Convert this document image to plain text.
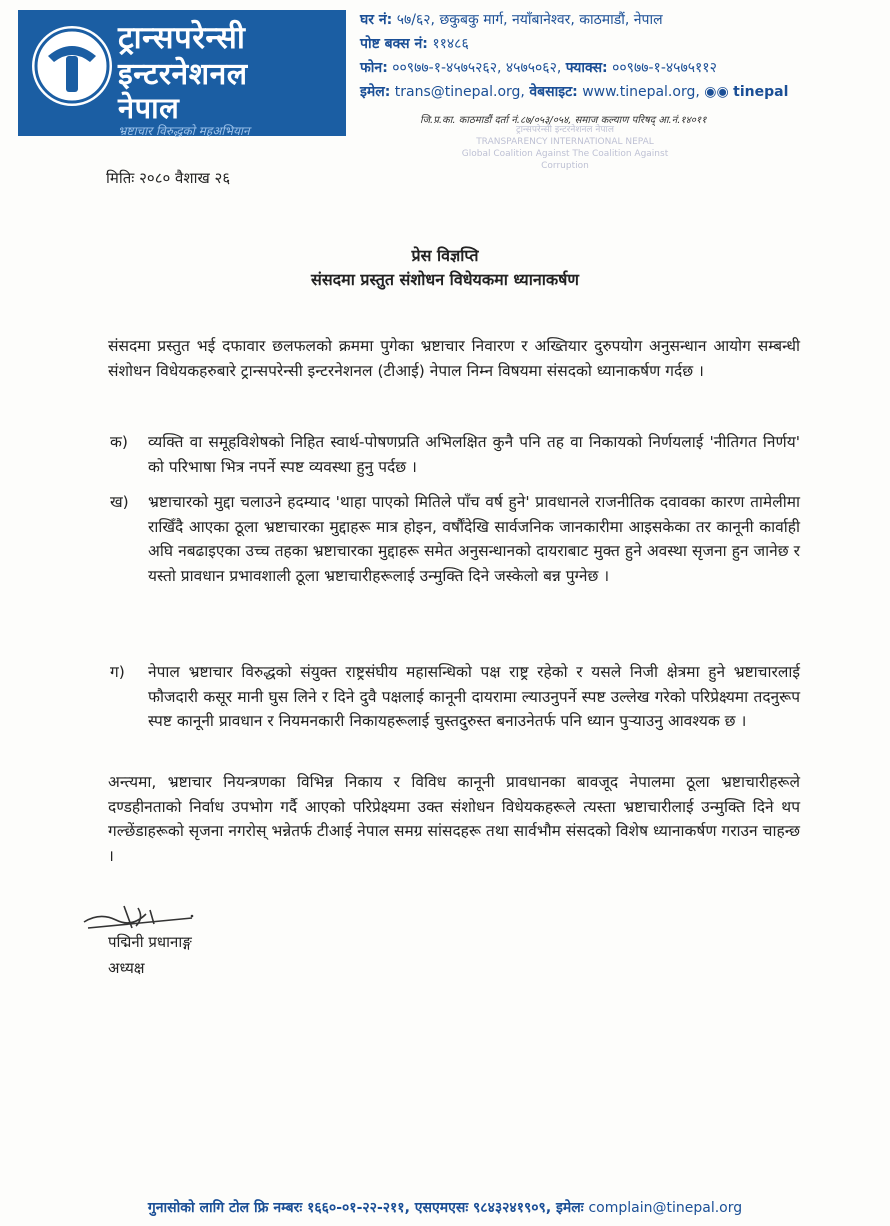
ट्रान्सपरेन्सी
इन्टरनेशनल
नेपाल
भ्रष्टाचार विरुद्धको महअभियान
घर नं: ५७/६२, छकुबकु मार्ग, नयाँबानेश्वर, काठमाडौं, नेपाल
पोष्ट बक्स नं: ११४८६
फोन: ००९७७-१-४५७५२६२, ४५७५०६२, फ्याक्स: ००९७७-१-४५७५११२
इमेल: trans@tinepal.org, वेबसाइट: www.tinepal.org, ◉◉ tinepal
जि.प्र.का. काठमाडौं दर्ता नं.८७/०५३/०५४, समाज कल्याण परिषद् आ.नं.१४०११
ट्रान्सपरेन्सी इन्टरनेशनल नेपाल
TRANSPARENCY INTERNATIONAL NEPAL
Global Coalition Against The Coalition Against Corruption
मितिः २०८० वैशाख २६
प्रेस विज्ञप्ति
संसदमा प्रस्तुत संशोधन विधेयकमा ध्यानाकर्षण
संसदमा प्रस्तुत भई दफावार छलफलको क्रममा पुगेका भ्रष्टाचार निवारण र अख्तियार दुरुपयोग अनुसन्धान आयोग सम्बन्धी संशोधन विधेयकहरुबारे ट्रान्सपरेन्सी इन्टरनेशनल (टीआई) नेपाल निम्न विषयमा संसदको ध्यानाकर्षण गर्दछ ।
क) व्यक्ति वा समूहविशेषको निहित स्वार्थ-पोषणप्रति अभिलक्षित कुनै पनि तह वा निकायको निर्णयलाई 'नीतिगत निर्णय' को परिभाषा भित्र नपर्ने स्पष्ट व्यवस्था हुनु पर्दछ ।
ख) भ्रष्टाचारको मुद्दा चलाउने हदम्याद 'थाहा पाएको मितिले पाँच वर्ष हुने' प्रावधानले राजनीतिक दवावका कारण तामेलीमा राखिँदै आएका ठूला भ्रष्टाचारका मुद्दाहरू मात्र होइन, वर्षौंदेखि सार्वजनिक जानकारीमा आइसकेका तर कानूनी कार्वाही अघि नबढाइएका उच्च तहका भ्रष्टाचारका मुद्दाहरू समेत अनुसन्धानको दायराबाट मुक्त हुने अवस्था सृजना हुन जानेछ र यस्तो प्रावधान प्रभावशाली ठूला भ्रष्टाचारीहरूलाई उन्मुक्ति दिने जस्केलो बन्न पुग्नेछ ।
ग) नेपाल भ्रष्टाचार विरुद्धको संयुक्त राष्ट्रसंघीय महासन्धिको पक्ष राष्ट्र रहेको र यसले निजी क्षेत्रमा हुने भ्रष्टाचारलाई फौजदारी कसूर मानी घुस लिने र दिने दुवै पक्षलाई कानूनी दायरामा ल्याउनुपर्ने स्पष्ट उल्लेख गरेको परिप्रेक्ष्यमा तदनुरूप स्पष्ट कानूनी प्रावधान र नियमनकारी निकायहरूलाई चुस्तदुरुस्त बनाउनेतर्फ पनि ध्यान पुऱ्याउनु आवश्यक छ ।
अन्त्यमा, भ्रष्टाचार नियन्त्रणका विभिन्न निकाय र विविध कानूनी प्रावधानका बावजूद नेपालमा ठूला भ्रष्टाचारीहरूले दण्डहीनताको निर्वाध उपभोग गर्दै आएको परिप्रेक्ष्यमा उक्त संशोधन विधेयकहरूले त्यस्ता भ्रष्टाचारीलाई उन्मुक्ति दिने थप गल्छेंडाहरूको सृजना नगरोस् भन्नेतर्फ टीआई नेपाल समग्र सांसदहरू तथा सार्वभौम संसदको विशेष ध्यानाकर्षण गराउन चाहन्छ ।
पद्मिनी प्रधानाङ्ग
अध्यक्ष
गुनासोको लागि टोल फ्रि नम्बरः १६६०-०१-२२-२११, एसएमएसः ९८४३२४१९०९, इमेलः complain@tinepal.org
